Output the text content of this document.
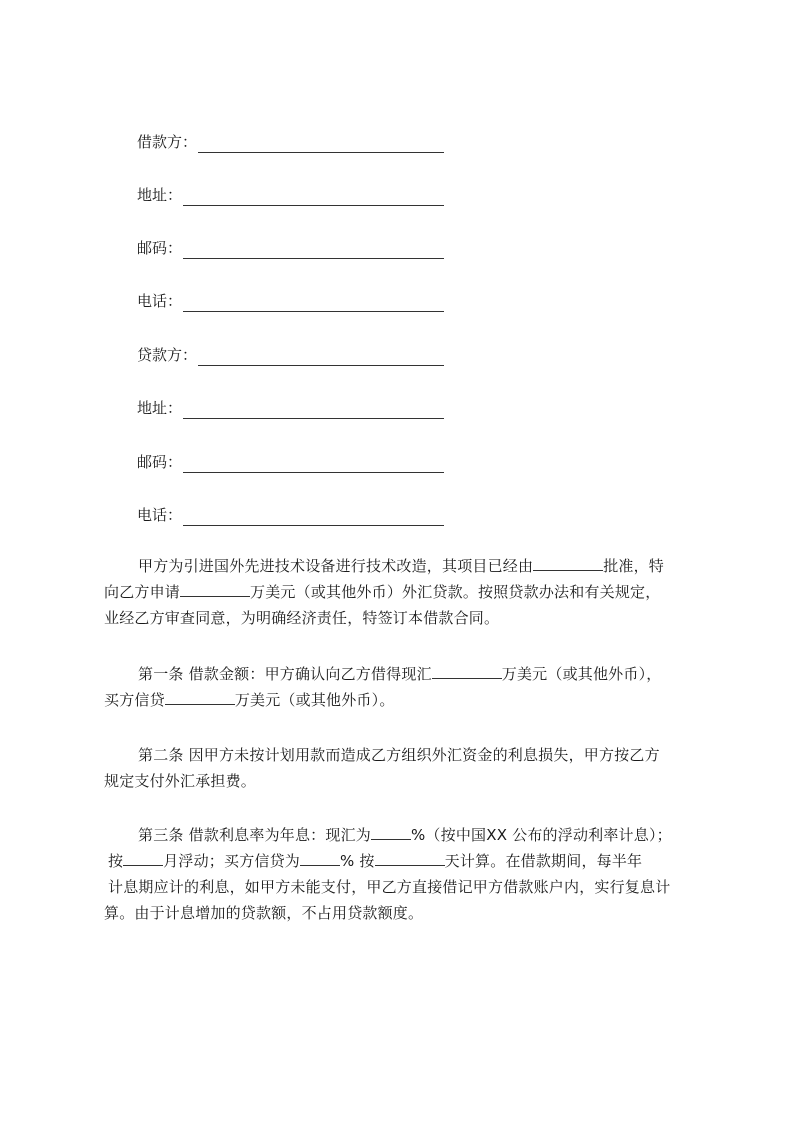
借款方：
地址：
邮码：
电话：
贷款方：
地址：
邮码：
电话：
甲方为引进国外先进技术设备进行技术改造，其项目已经由	批准，特
向乙方申请	万美元（或其他外币）外汇贷款。按照贷款办法和有关规定，
业经乙方审查同意，为明确经济责任，特签订本借款合同。
第一条 借款金额：甲方确认向乙方借得现汇	万美元（或其他外币），
买方信贷	万美元（或其他外币）。
第二条 因甲方未按计划用款而造成乙方组织外汇资金的利息损失，甲方按乙方
规定支付外汇承担费。
第三条 借款利息率为年息：现汇为	%（按中国XX 公布的浮动利率计息）；
按	月浮动；买方信贷为	% 按	天计算。在借款期间，每半年
计息期应计的利息，如甲方未能支付，甲乙方直接借记甲方借款账户内，实行复息计
算。由于计息增加的贷款额，不占用贷款额度。
